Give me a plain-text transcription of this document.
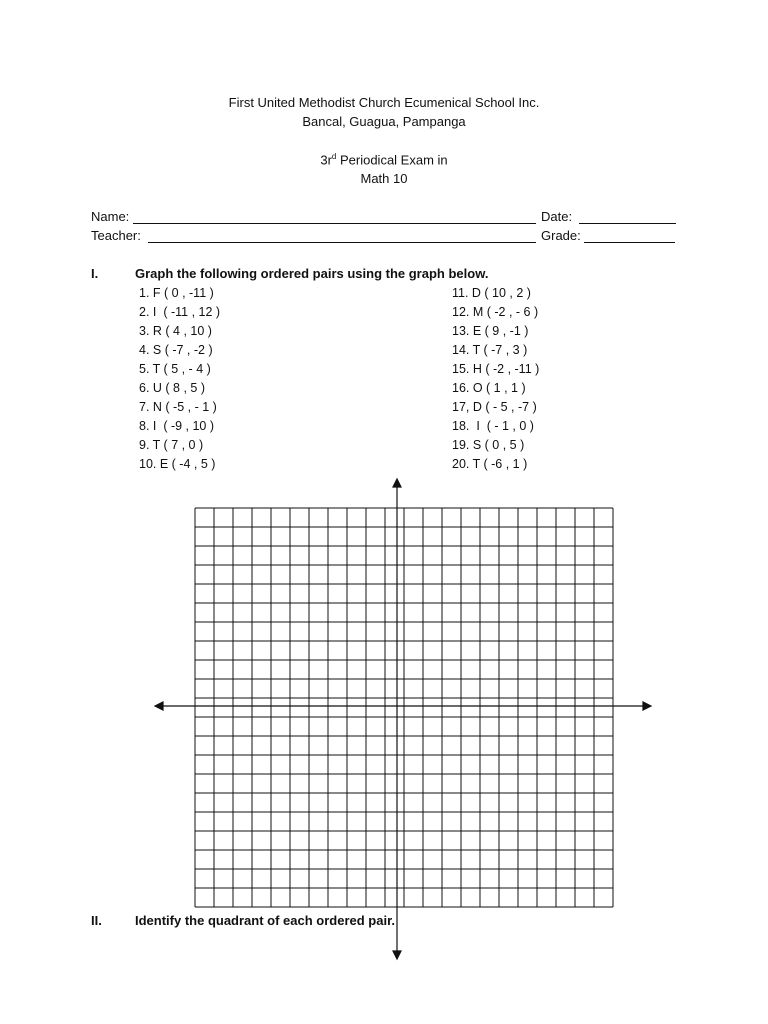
First United Methodist Church Ecumenical School Inc.
Bancal, Guagua, Pampanga
$3r^d$ Periodical Exam in
Math 10
Name:	Date:
Teacher:	Grade:
I.	Graph the following ordered pairs using the graph below.
1. F ( 0 , -11 )
2. I  ( -11 , 12 )
3. R ( 4 , 10 )
4. S ( -7 , -2 )
5. T ( 5 , - 4 )
6. U ( 8 , 5 )
7. N ( -5 , - 1 )
8. I  ( -9 , 10 )
9. T ( 7 , 0 )
10. E ( -4 , 5 )
11. D ( 10 , 2 )
12. M ( -2 , - 6 )
13. E ( 9 , -1 )
14. T ( -7 , 3 )
15. H ( -2 , -11 )
16. O ( 1 , 1 )
17, D ( - 5 , -7 )
18.  I  ( - 1 , 0 )
19. S ( 0 , 5 )
20. T ( -6 , 1 )
II.	Identify the quadrant of each ordered pair.
